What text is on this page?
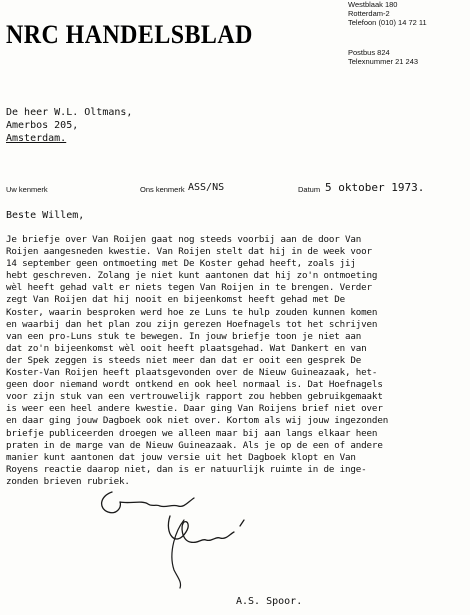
NRC HANDELSBLAD
Westblaak 180
Rotterdam-2
Telefoon (010) 14 72 11
Postbus 824
Telexnummer 21 243
De heer W.L. Oltmans,
Amerbos 205,
Amsterdam.
Uw kenmerk	Ons kenmerk ASS/NS	Datum 5 oktober 1973.
Beste Willem,
Je briefje over Van Roijen gaat nog steeds voorbij aan de door Van
Roijen aangesneden kwestie. Van Roijen stelt dat hij in de week voor
14 september geen ontmoeting met De Koster gehad heeft, zoals jij
hebt geschreven. Zolang je niet kunt aantonen dat hij zo'n ontmoeting
wèl heeft gehad valt er niets tegen Van Roijen in te brengen. Verder
zegt Van Roijen dat hij nooit en bijeenkomst heeft gehad met De
Koster, waarin besproken werd hoe ze Luns te hulp zouden kunnen komen
en waarbij dan het plan zou zijn gerezen Hoefnagels tot het schrijven
van een pro-Luns stuk te bewegen. In jouw briefje toon je niet aan
dat zo'n bijeenkomst wèl ooit heeft plaatsgehad. Wat Dankert en van
der Spek zeggen is steeds niet meer dan dat er ooit een gesprek De
Koster-Van Roijen heeft plaatsgevonden over de Nieuw Guineazaak, het-
geen door niemand wordt ontkend en ook heel normaal is. Dat Hoefnagels
voor zijn stuk van een vertrouwelijk rapport zou hebben gebruikgemaakt
is weer een heel andere kwestie. Daar ging Van Roijens brief niet over
en daar ging jouw Dagboek ook niet over. Kortom als wij jouw ingezonden
briefje publiceerden droegen we alleen maar bij aan langs elkaar heen
praten in de marge van de Nieuw Guineazaak. Als je op de een of andere
manier kunt aantonen dat jouw versie uit het Dagboek klopt en Van
Royens reactie daarop niet, dan is er natuurlijk ruimte in de inge-
zonden brieven rubriek.
A.S. Spoor.
